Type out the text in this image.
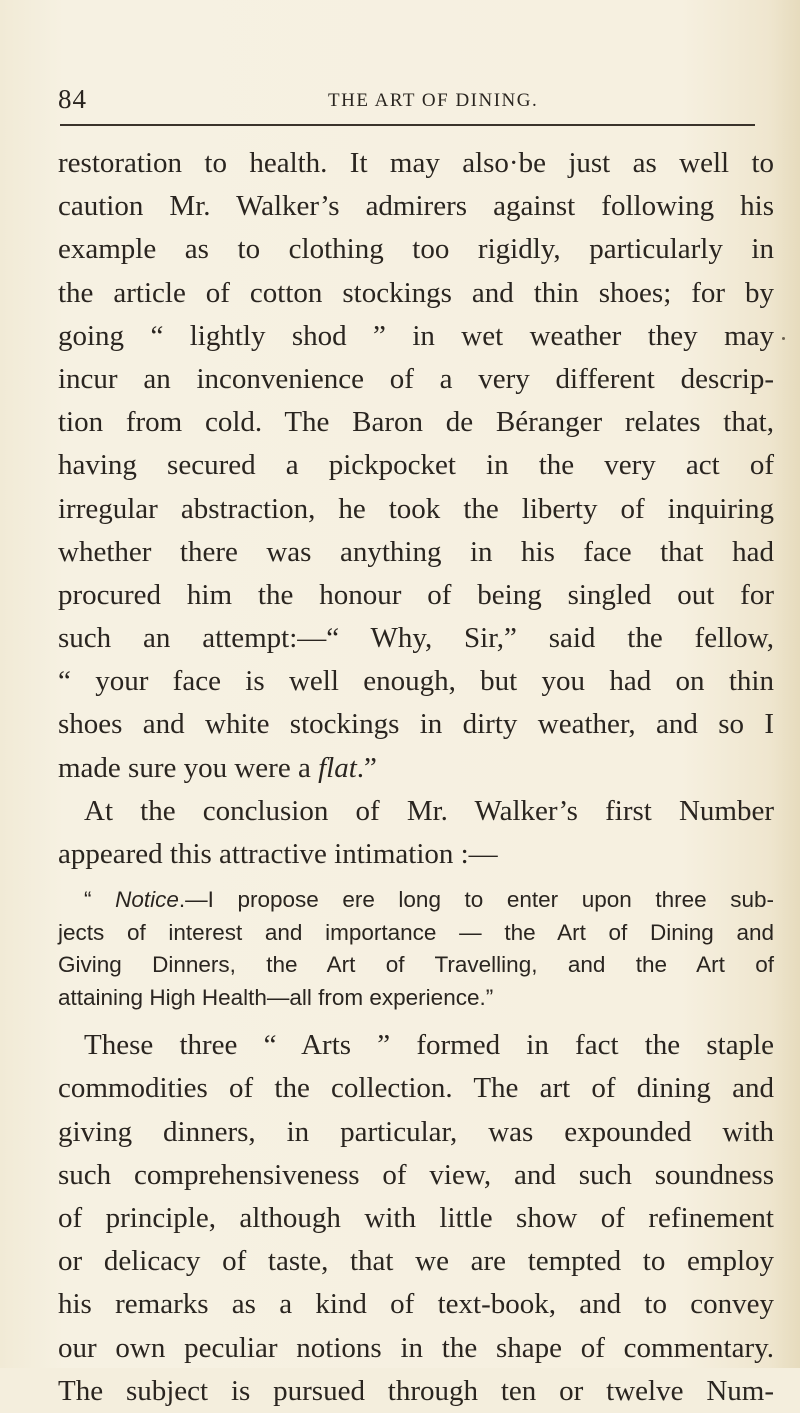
84	THE ART OF DINING.
restoration to health. It may also·be just as well to
caution Mr. Walker’s admirers against following his
example as to clothing too rigidly, particularly in
the article of cotton stockings and thin shoes; for by
going “ lightly shod ” in wet weather they may
incur an inconvenience of a very different descrip-
tion from cold. The Baron de Béranger relates that,
having secured a pickpocket in the very act of
irregular abstraction, he took the liberty of inquiring
whether there was anything in his face that had
procured him the honour of being singled out for
such an attempt:—“ Why, Sir,” said the fellow,
“ your face is well enough, but you had on thin
shoes and white stockings in dirty weather, and so I
made sure you were a flat.”
At the conclusion of Mr. Walker’s first Number
appeared this attractive intimation :—
“ Notice.—I propose ere long to enter upon three sub-
jects of interest and importance — the Art of Dining and
Giving Dinners, the Art of Travelling, and the Art of
attaining High Health—all from experience.”
These three “ Arts ” formed in fact the staple
commodities of the collection. The art of dining and
giving dinners, in particular, was expounded with
such comprehensiveness of view, and such soundness
of principle, although with little show of refinement
or delicacy of taste, that we are tempted to employ
his remarks as a kind of text-book, and to convey
our own peculiar notions in the shape of commentary.
The subject is pursued through ten or twelve Num-
